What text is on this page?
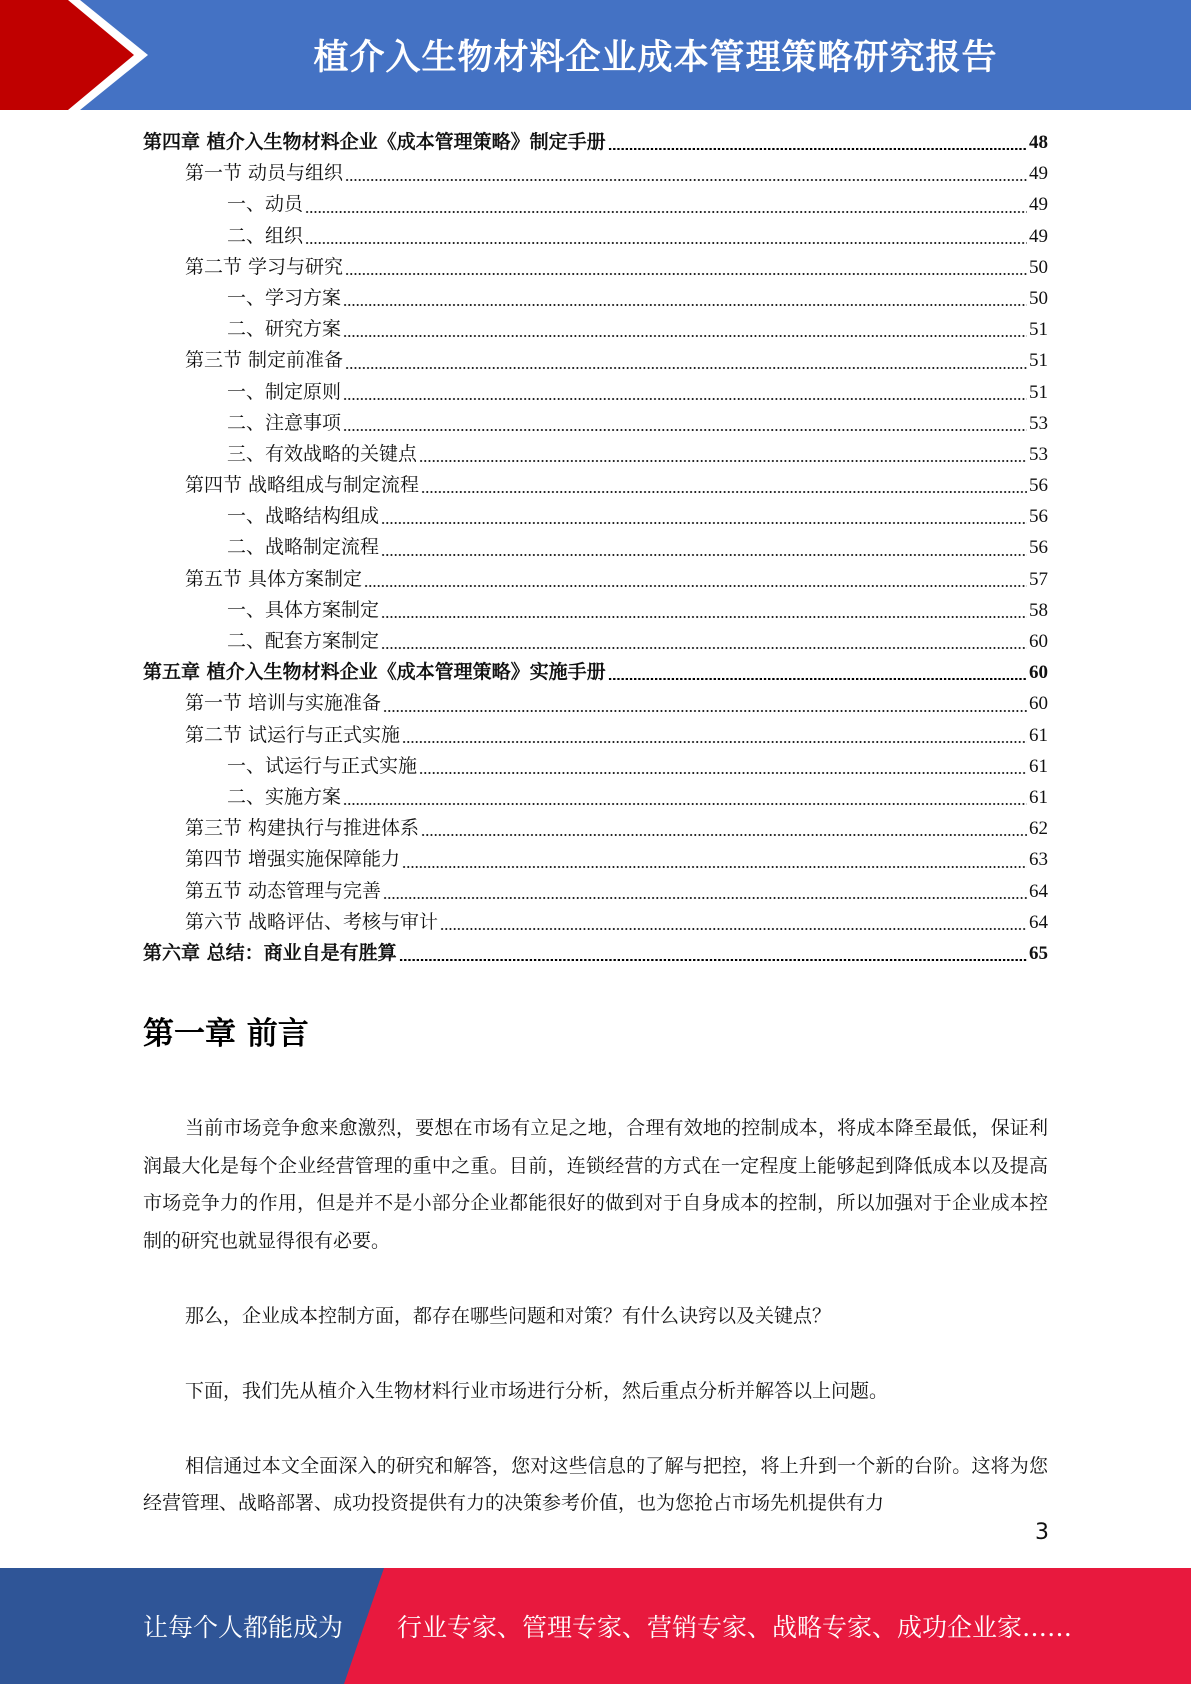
植介入生物材料企业成本管理策略研究报告
第四章 植介入生物材料企业《成本管理策略》制定手册	48
第一节 动员与组织	49
一、动员	49
二、组织	49
第二节 学习与研究	50
一、学习方案	50
二、研究方案	51
第三节 制定前准备	51
一、制定原则	51
二、注意事项	53
三、有效战略的关键点	53
第四节 战略组成与制定流程	56
一、战略结构组成	56
二、战略制定流程	56
第五节 具体方案制定	57
一、具体方案制定	58
二、配套方案制定	60
第五章 植介入生物材料企业《成本管理策略》实施手册	60
第一节 培训与实施准备	60
第二节 试运行与正式实施	61
一、试运行与正式实施	61
二、实施方案	61
第三节 构建执行与推进体系	62
第四节 增强实施保障能力	63
第五节 动态管理与完善	64
第六节 战略评估、考核与审计	64
第六章 总结：商业自是有胜算	65
第一章 前言

当前市场竞争愈来愈激烈，要想在市场有立足之地，合理有效地的控制成本，将成本降至最低，保证利润最大化是每个企业经营管理的重中之重。目前，连锁经营的方式在一定程度上能够起到降低成本以及提高市场竞争力的作用，但是并不是小部分企业都能很好的做到对于自身成本的控制，所以加强对于企业成本控制的研究也就显得很有必要。

那么，企业成本控制方面，都存在哪些问题和对策？有什么诀窍以及关键点？

下面，我们先从植介入生物材料行业市场进行分析，然后重点分析并解答以上问题。

相信通过本文全面深入的研究和解答，您对这些信息的了解与把控，将上升到一个新的台阶。这将为您经营管理、战略部署、成功投资提供有力的决策参考价值，也为您抢占市场先机提供有力

3
让每个人都能成为 行业专家、管理专家、营销专家、战略专家、成功企业家……
